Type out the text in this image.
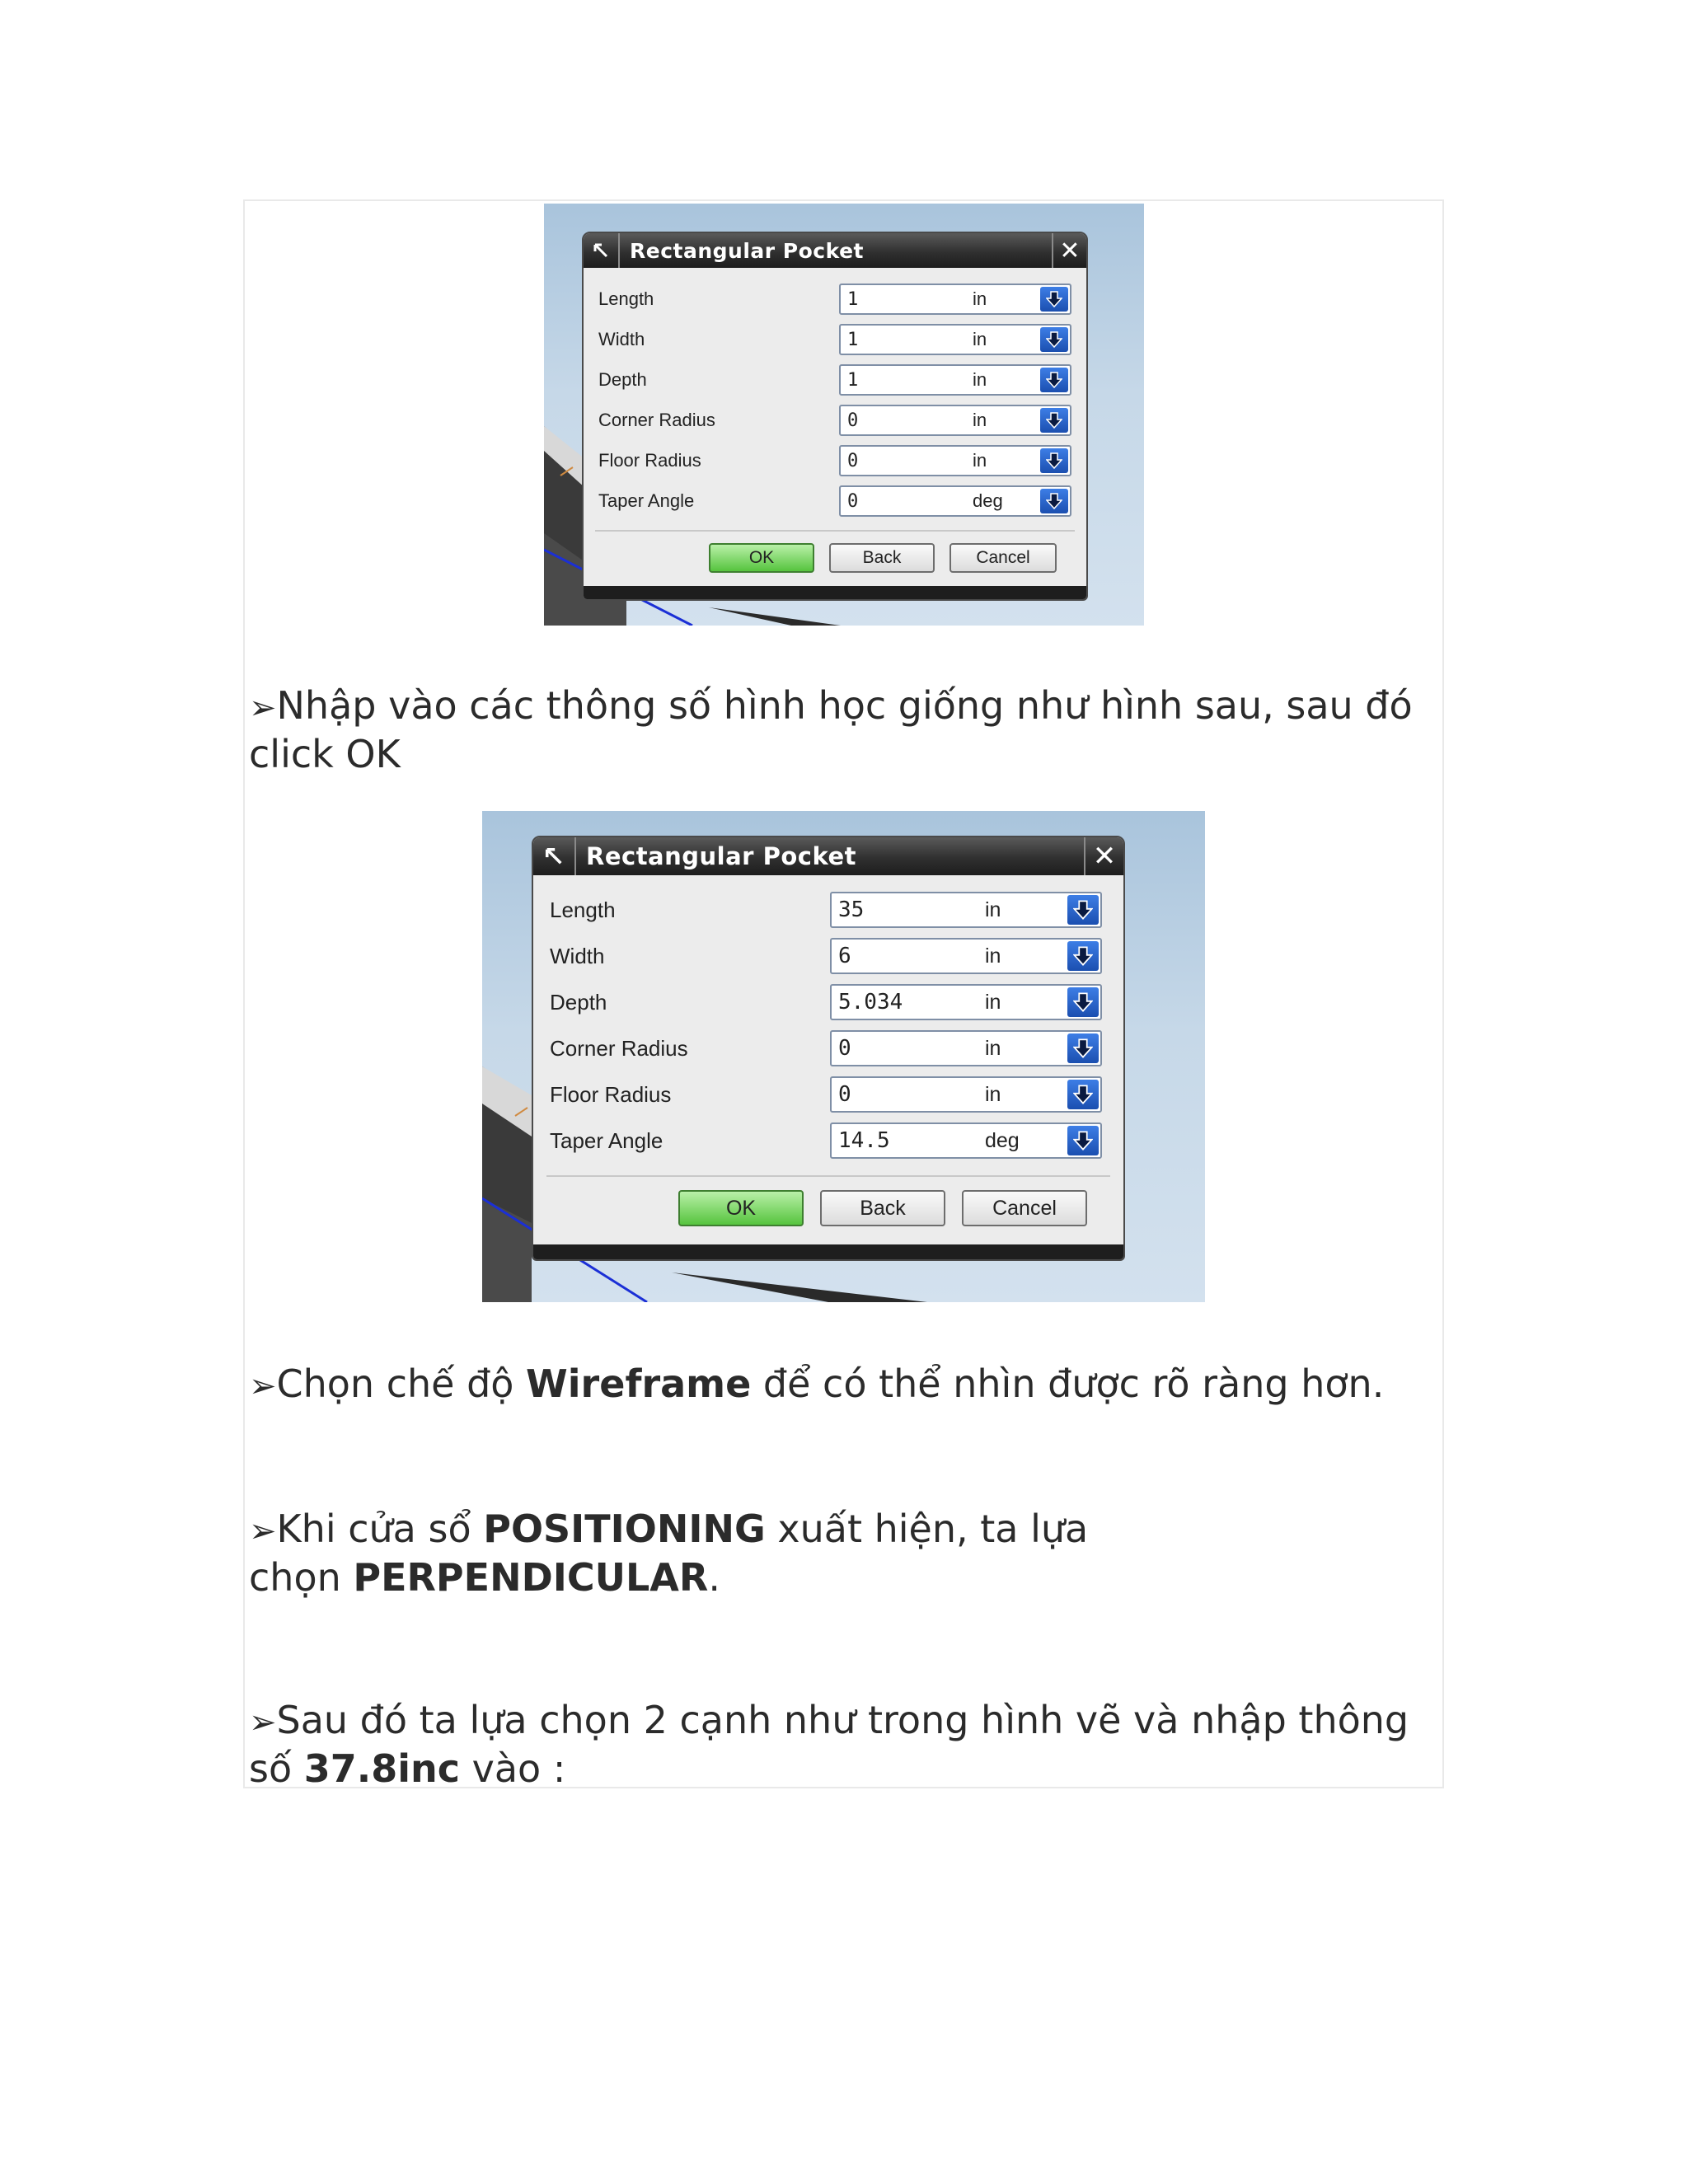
Rectangular Pocket	✕
Length	1	in
Width	1	in
Depth	1	in
Corner Radius	0	in
Floor Radius	0	in
Taper Angle	0	deg
OK	Back	Cancel
➢Nhập vào các thông số hình học giống như hình sau, sau đó click OK
Rectangular Pocket	✕
Length	35	in
Width	6	in
Depth	5.034	in
Corner Radius	0	in
Floor Radius	0	in
Taper Angle	14.5	deg
OK	Back	Cancel
➢Chọn chế độ Wireframe để có thể nhìn được rõ ràng hơn.
➢Khi cửa sổ POSITIONING xuất hiện, ta lựa chọn PERPENDICULAR.
➢Sau đó ta lựa chọn 2 cạnh như trong hình vẽ và nhập thông số 37.8inc vào :
